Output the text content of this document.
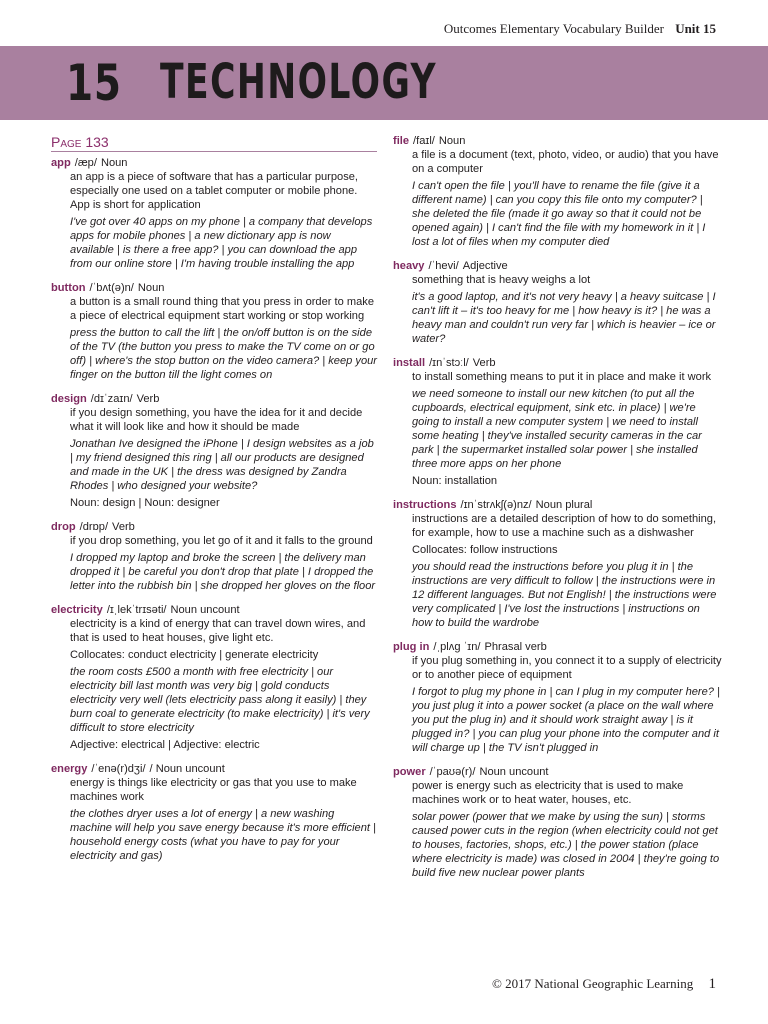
Outcomes Elementary Vocabulary Builder Unit 15
15 TECHNOLOGY
Page 133
app /æp/ Noun
an app is a piece of software that has a particular purpose, especially one used on a tablet computer or mobile phone. App is short for application
I've got over 40 apps on my phone | a company that develops apps for mobile phones | a new dictionary app is now available | is there a free app? | you can download the app from our online store | I'm having trouble installing the app
button /ˈbʌt(ə)n/ Noun
a button is a small round thing that you press in order to make a piece of electrical equipment start working or stop working
press the button to call the lift | the on/off button is on the side of the TV (the button you press to make the TV come on or go off) | where's the stop button on the video camera? | keep your finger on the button till the light comes on
design /dɪˈzaɪn/ Verb
if you design something, you have the idea for it and decide what it will look like and how it should be made
Jonathan Ive designed the iPhone | I design websites as a job | my friend designed this ring | all our products are designed and made in the UK | the dress was designed by Zandra Rhodes | who designed your website?
Noun: design | Noun: designer
drop /drɒp/ Verb
if you drop something, you let go of it and it falls to the ground
I dropped my laptop and broke the screen | the delivery man dropped it | be careful you don't drop that plate | I dropped the letter into the rubbish bin | she dropped her gloves on the floor
electricity /ɪˌlekˈtrɪsəti/ Noun uncount
electricity is a kind of energy that can travel down wires, and that is used to heat houses, give light etc.
Collocates: conduct electricity | generate electricity
the room costs £500 a month with free electricity | our electricity bill last month was very big | gold conducts electricity very well (lets electricity pass along it easily) | they burn coal to generate electricity (to make electricity) | it's very difficult to store electricity
Adjective: electrical | Adjective: electric
energy /ˈenə(r)dʒi/ / Noun uncount
energy is things like electricity or gas that you use to make machines work
the clothes dryer uses a lot of energy | a new washing machine will help you save energy because it's more efficient | household energy costs (what you have to pay for your electricity and gas)
file /faɪl/ Noun
a file is a document (text, photo, video, or audio) that you have on a computer
I can't open the file | you'll have to rename the file (give it a different name) | can you copy this file onto my computer? | she deleted the file (made it go away so that it could not be opened again) | I can't find the file with my homework in it | I lost a lot of files when my computer died
heavy /ˈhevi/ Adjective
something that is heavy weighs a lot
it's a good laptop, and it's not very heavy | a heavy suitcase | I can't lift it – it's too heavy for me | how heavy is it? | he was a heavy man and couldn't run very far | which is heavier – ice or water?
install /ɪnˈstɔːl/ Verb
to install something means to put it in place and make it work
we need someone to install our new kitchen (to put all the cupboards, electrical equipment, sink etc. in place) | we're going to install a new computer system | we need to install some heating | they've installed security cameras in the car park | the supermarket installed solar power | she installed three more apps on her phone
Noun: installation
instructions /ɪnˈstrʌkʃ(ə)nz/ Noun plural
instructions are a detailed description of how to do something, for example, how to use a machine such as a dishwasher
Collocates: follow instructions
you should read the instructions before you plug it in | the instructions are very difficult to follow | the instructions were in 12 different languages. But not English! | the instructions were very complicated | I've lost the instructions | instructions on how to build the wardrobe
plug in /ˌplʌg ˈɪn/ Phrasal verb
if you plug something in, you connect it to a supply of electricity or to another piece of equipment
I forgot to plug my phone in | can I plug in my computer here? | you just plug it into a power socket (a place on the wall where you put the plug in) and it should work straight away | is it plugged in? | you can plug your phone into the computer and it will charge up | the TV isn't plugged in
power /ˈpaʊə(r)/ Noun uncount
power is energy such as electricity that is used to make machines work or to heat water, houses, etc.
solar power (power that we make by using the sun) | storms caused power cuts in the region (when electricity could not get to houses, factories, shops, etc.) | the power station (place where electricity is made) was closed in 2004 | they're going to build five new nuclear power plants
© 2017 National Geographic Learning 1
